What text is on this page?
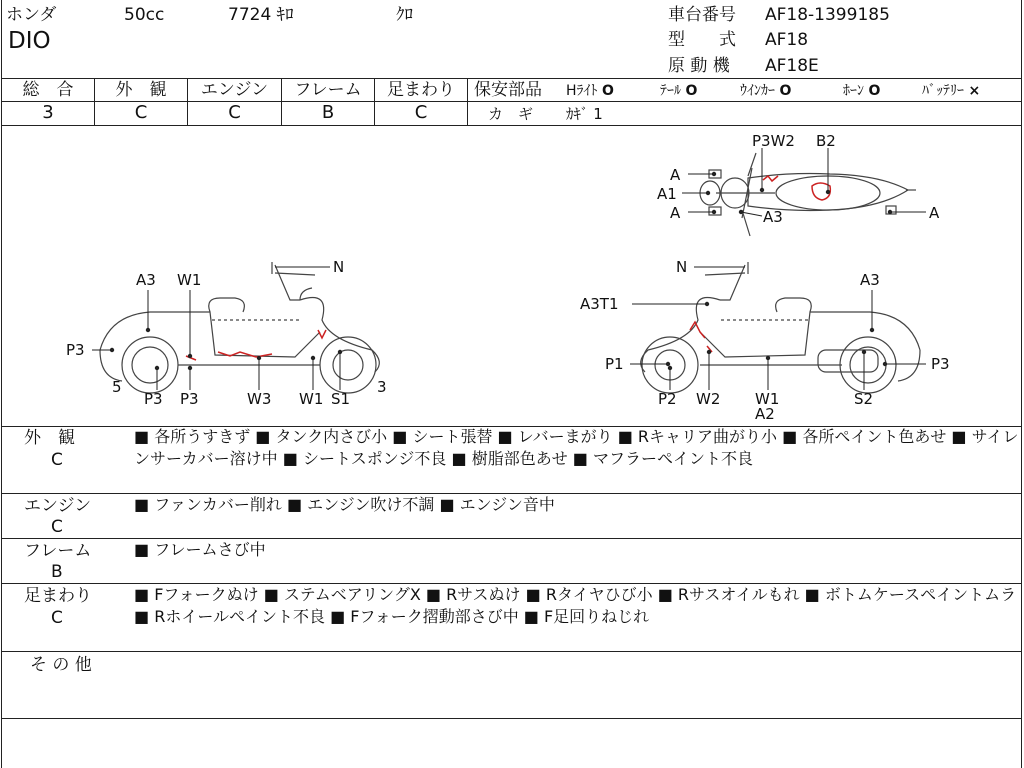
ホンダ	50cc	7724 ｷﾛ	ｸﾛ
DIO
車台番号 AF18-1399185
型　　式 AF18
原 動 機 AF18E
総　合	外　観	エンジン	フレーム	足まわり
3	C	C	B	C
保安部品 Hﾗｲﾄ O	ﾃｰﾙ O	ｳｲﾝｶｰ O	ﾎｰﾝ O	ﾊﾞｯﾃﾘｰ ×
カ　ギ ｶｷﾞ 1
P3W2 B2
A
A1
A	A3	A
A3 W1
N
P3
5
P3 P3	W3 W1 S1
3
N
A3T1
A3
P1	P3
P2 W2 W1
A2
S2
外　観
C
■ 各所うすきず ■ タンク内さび小 ■ シート張替 ■ レバーまがり ■ Rキャリア曲がり小 ■ 各所ペイント色あせ ■ サイレンサーカバー溶け中 ■ シートスポンジ不良 ■ 樹脂部色あせ ■ マフラーペイント不良
エンジン
C
■ ファンカバー削れ ■ エンジン吹け不調 ■ エンジン音中
フレーム
B
■ フレームさび中
足まわり
C
■ Fフォークぬけ ■ ステムベアリングX ■ Rサスぬけ ■ Rタイヤひび小 ■ Rサスオイルもれ ■ ボトムケースペイントムラ ■ Rホイールペイント不良 ■ Fフォーク摺動部さび中 ■ F足回りねじれ
そ の 他
